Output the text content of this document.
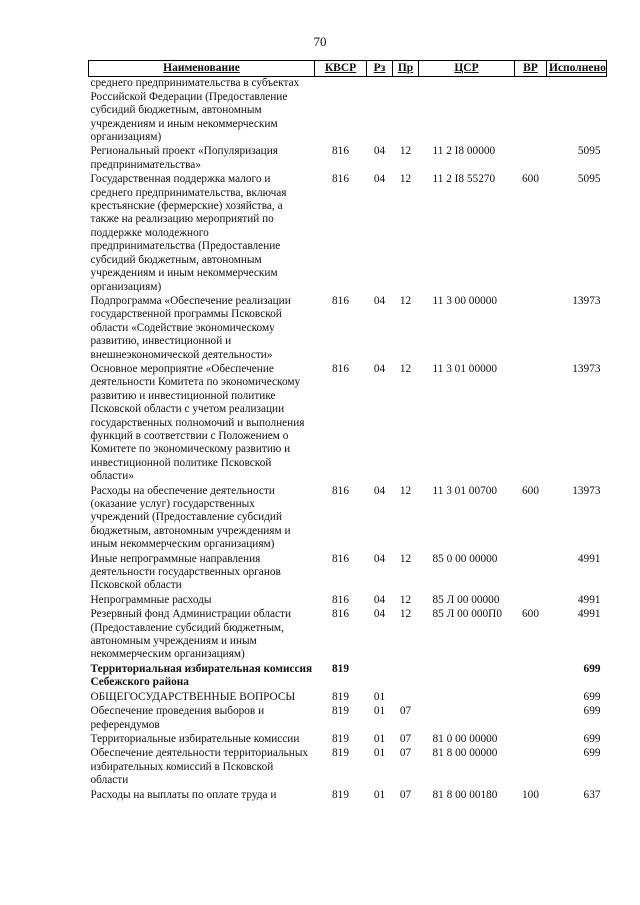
70
Наименование	КВСР	Рз	Пр	ЦСР	ВР	Исполнено
среднего предпринимательства в субъектах Российской Федерации (Предоставление субсидий бюджетным, автономным учреждениям и иным некоммерческим организациям)						
Региональный проект «Популяризация предпринимательства»	816	04	12	11 2 I8 00000		5095
Государственная поддержка малого и среднего предпринимательства, включая крестьянские (фермерские) хозяйства, а также на реализацию мероприятий по поддержке молодежного предпринимательства (Предоставление субсидий бюджетным, автономным учреждениям и иным некоммерческим организациям)	816	04	12	11 2 I8 55270	600	5095
Подпрограмма «Обеспечение реализации государственной программы Псковской области «Содействие экономическому развитию, инвестиционной и внешнеэкономической деятельности»	816	04	12	11 3 00 00000		13973
Основное мероприятие «Обеспечение деятельности Комитета по экономическому развитию и инвестиционной политике Псковской области с учетом реализации государственных полномочий и выполнения функций в соответствии с Положением о Комитете по экономическому развитию и инвестиционной политике Псковской области»	816	04	12	11 3 01 00000		13973
Расходы на обеспечение деятельности (оказание услуг) государственных учреждений (Предоставление субсидий бюджетным, автономным учреждениям и иным некоммерческим организациям)	816	04	12	11 3 01 00700	600	13973
Иные непрограммные направления деятельности государственных органов Псковской области	816	04	12	85 0 00 00000		4991
Непрограммные расходы	816	04	12	85 Л 00 00000		4991
Резервный фонд Администрации области (Предоставление субсидий бюджетным, автономным учреждениям и иным некоммерческим организациям)	816	04	12	85 Л 00 000П0	600	4991
Территориальная избирательная комиссия Себежского района	819					699
ОБЩЕГОСУДАРСТВЕННЫЕ ВОПРОСЫ	819	01				699
Обеспечение проведения выборов и референдумов	819	01	07			699
Территориальные избирательные комиссии	819	01	07	81 0 00 00000		699
Обеспечение деятельности территориальных избирательных комиссий в Псковской области	819	01	07	81 8 00 00000		699
Расходы на выплаты по оплате труда и	819	01	07	81 8 00 00180	100	637
